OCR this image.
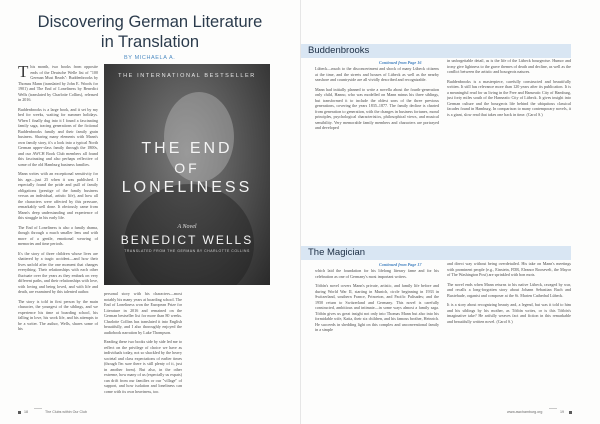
Discovering German Literature
in Translation
BY MICHAELA A.

This month, two books from opposite ends of the Deutsche Welle list of "100 German Must Reads": Buddenbrooks by Thomas Mann (translated by John E. Woods for 1901) and The End of Loneliness by Benedict Wells (translated by Charlotte Collins), released in 2016.

Buddenbrooks is a large book, and it set by my bed for weeks, waiting for summer holidays. When I finally dug into it I found a fascinating family saga, tracing generations of the fictional Buddenbrooks family and their family grain business. Sharing many elements with Mann's own family story, it's a look into a typical North German upper-class family through the 1800s, and our AWCH Book Club members all found this fascinating and also perhaps reflective of some of the old Hamburg business families.

Mann writes with an exceptional sensitivity for his age—just 25 when it was published. I especially found the pride and pull of family obligations (prestige of the family business versus an individual, artistic life), and how all the characters were affected by this pressure, remarkably well done. It obviously came from Mann's deep understanding and experience of this struggle in his early life.

The End of Loneliness is also a family drama, though through a much smaller lens and with more of a gentle, emotional weaving of memories and time periods.

It's the story of three children whose lives are shattered by a tragic accident—and how their lives unfold after the one moment that changes everything. Their relationships with each other fluctuate over the years as they embark on very different paths, and their relationships with love, with loving and being loved, and with life and death, are examined by this talented author.

The story is told in first person by the main character, the youngest of the siblings, and we experience his time at boarding school, his falling in love, his work life, and his attempts to be a writer. The author, Wells, shares some of his

THE INTERNATIONAL BESTSELLER
THE END
OF
LONELINESS
A Novel
BENEDICT WELLS
TRANSLATED FROM THE GERMAN BY CHARLOTTE COLLINS

personal story with his characters—most notably his many years at boarding school. The End of Loneliness won the European Prize for Literature in 2016 and remained on the German bestseller list for more than 80 weeks. Charlotte Collins has translated it into English beautifully, and I also thoroughly enjoyed the audiobook narration by Luke Thompson.

Reading these two books side by side led me to reflect on the privilege of choice we have as individuals today, not so shackled by the heavy societal and class expectations of earlier times (though I'm sure there is still plenty of it, just in another form). But also, in the other extreme, how many of us (especially us expats) can drift from our families or our "village" of support, and how isolation and loneliness can come with its own heaviness, too.

18	The Clubs within Our Club
Buddenbrooks
Continued from Page 16

Lübeck—much to the disconcertment and shock of many Lübeck citizens at the time, and the streets and houses of Lübeck as well as the nearby seashore and countryside are all vividly described and recognizable.

Mann had initially planned to write a novella about the fourth-generation only child, Hanno, who was modelled on Mann minus his three siblings, but transformed it to include the oldest sons of the three previous generations, covering the years 1835–1877. The family decline is charted from generation to generation, with the changes in business fortunes, moral principles, psychological characteristics, philosophical views, and musical sensibility. Very memorable family members and characters are portrayed and developed

in unforgettable detail, as is the life of the Lübeck bourgeoise. Humor and irony give lightness to the grave themes of death and decline, as well as the conflict between the artistic and bourgeois natures.

Buddenbrooks is a masterpiece, carefully constructed and beautifully written. It still has relevance more than 120 years after its publication. It is a meaningful read for us living in the Free and Hanseatic City of Hamburg, just forty miles south of the Hanseatic City of Lübeck. It gives insight into German culture and the bourgeois life behind the ubiquitous classical facades found in Hamburg. In comparison to many contemporary novels, it is a giant, slow read that takes one back in time. (Carol S.)

The Magician
Continued from Page 17

which laid the foundation for his lifelong literary fame and for his celebration as one of Germany's most important writers.

Tóibín's novel covers Mann's private, artistic, and family life before and during World War II, starting in Munich, circle beginning in 1933 in Switzerland, southern France, Princeton, and Pacific Palisades; and the 1950 return to Switzerland and Germany. This novel is carefully constructed, ambitious and intimate—in some ways almost a family saga. Tóibín gives us great insight not only into Thomas Mann but also into his formidable wife, Katia, their six children, and his famous brother, Heinrich. He succeeds in shedding light on this complex and unconventional family in a simple

and direct way without being overdetailed. His take on Mann's meetings with prominent people (e.g., Einstein, FDR, Eleanor Roosevelt, the Mayor of The Washington Post) are sprinkled with bon mots.

The novel ends when Mann returns to his native Lübeck, ravaged by war, and recalls a long-forgotten story about Johann Sebastian Bach and Buxtehude, organist and composer at the St. Marien Cathedral Lübeck.

It is a story about recognizing beauty and, a legend, but was it told to him and his siblings by his mother, as Tóibín writes, or is this Tóibín's imaginative take? He artfully weaves fact and fiction in this remarkable and beautifully written novel. (Carol S.)

www.awchamburg.org	19
